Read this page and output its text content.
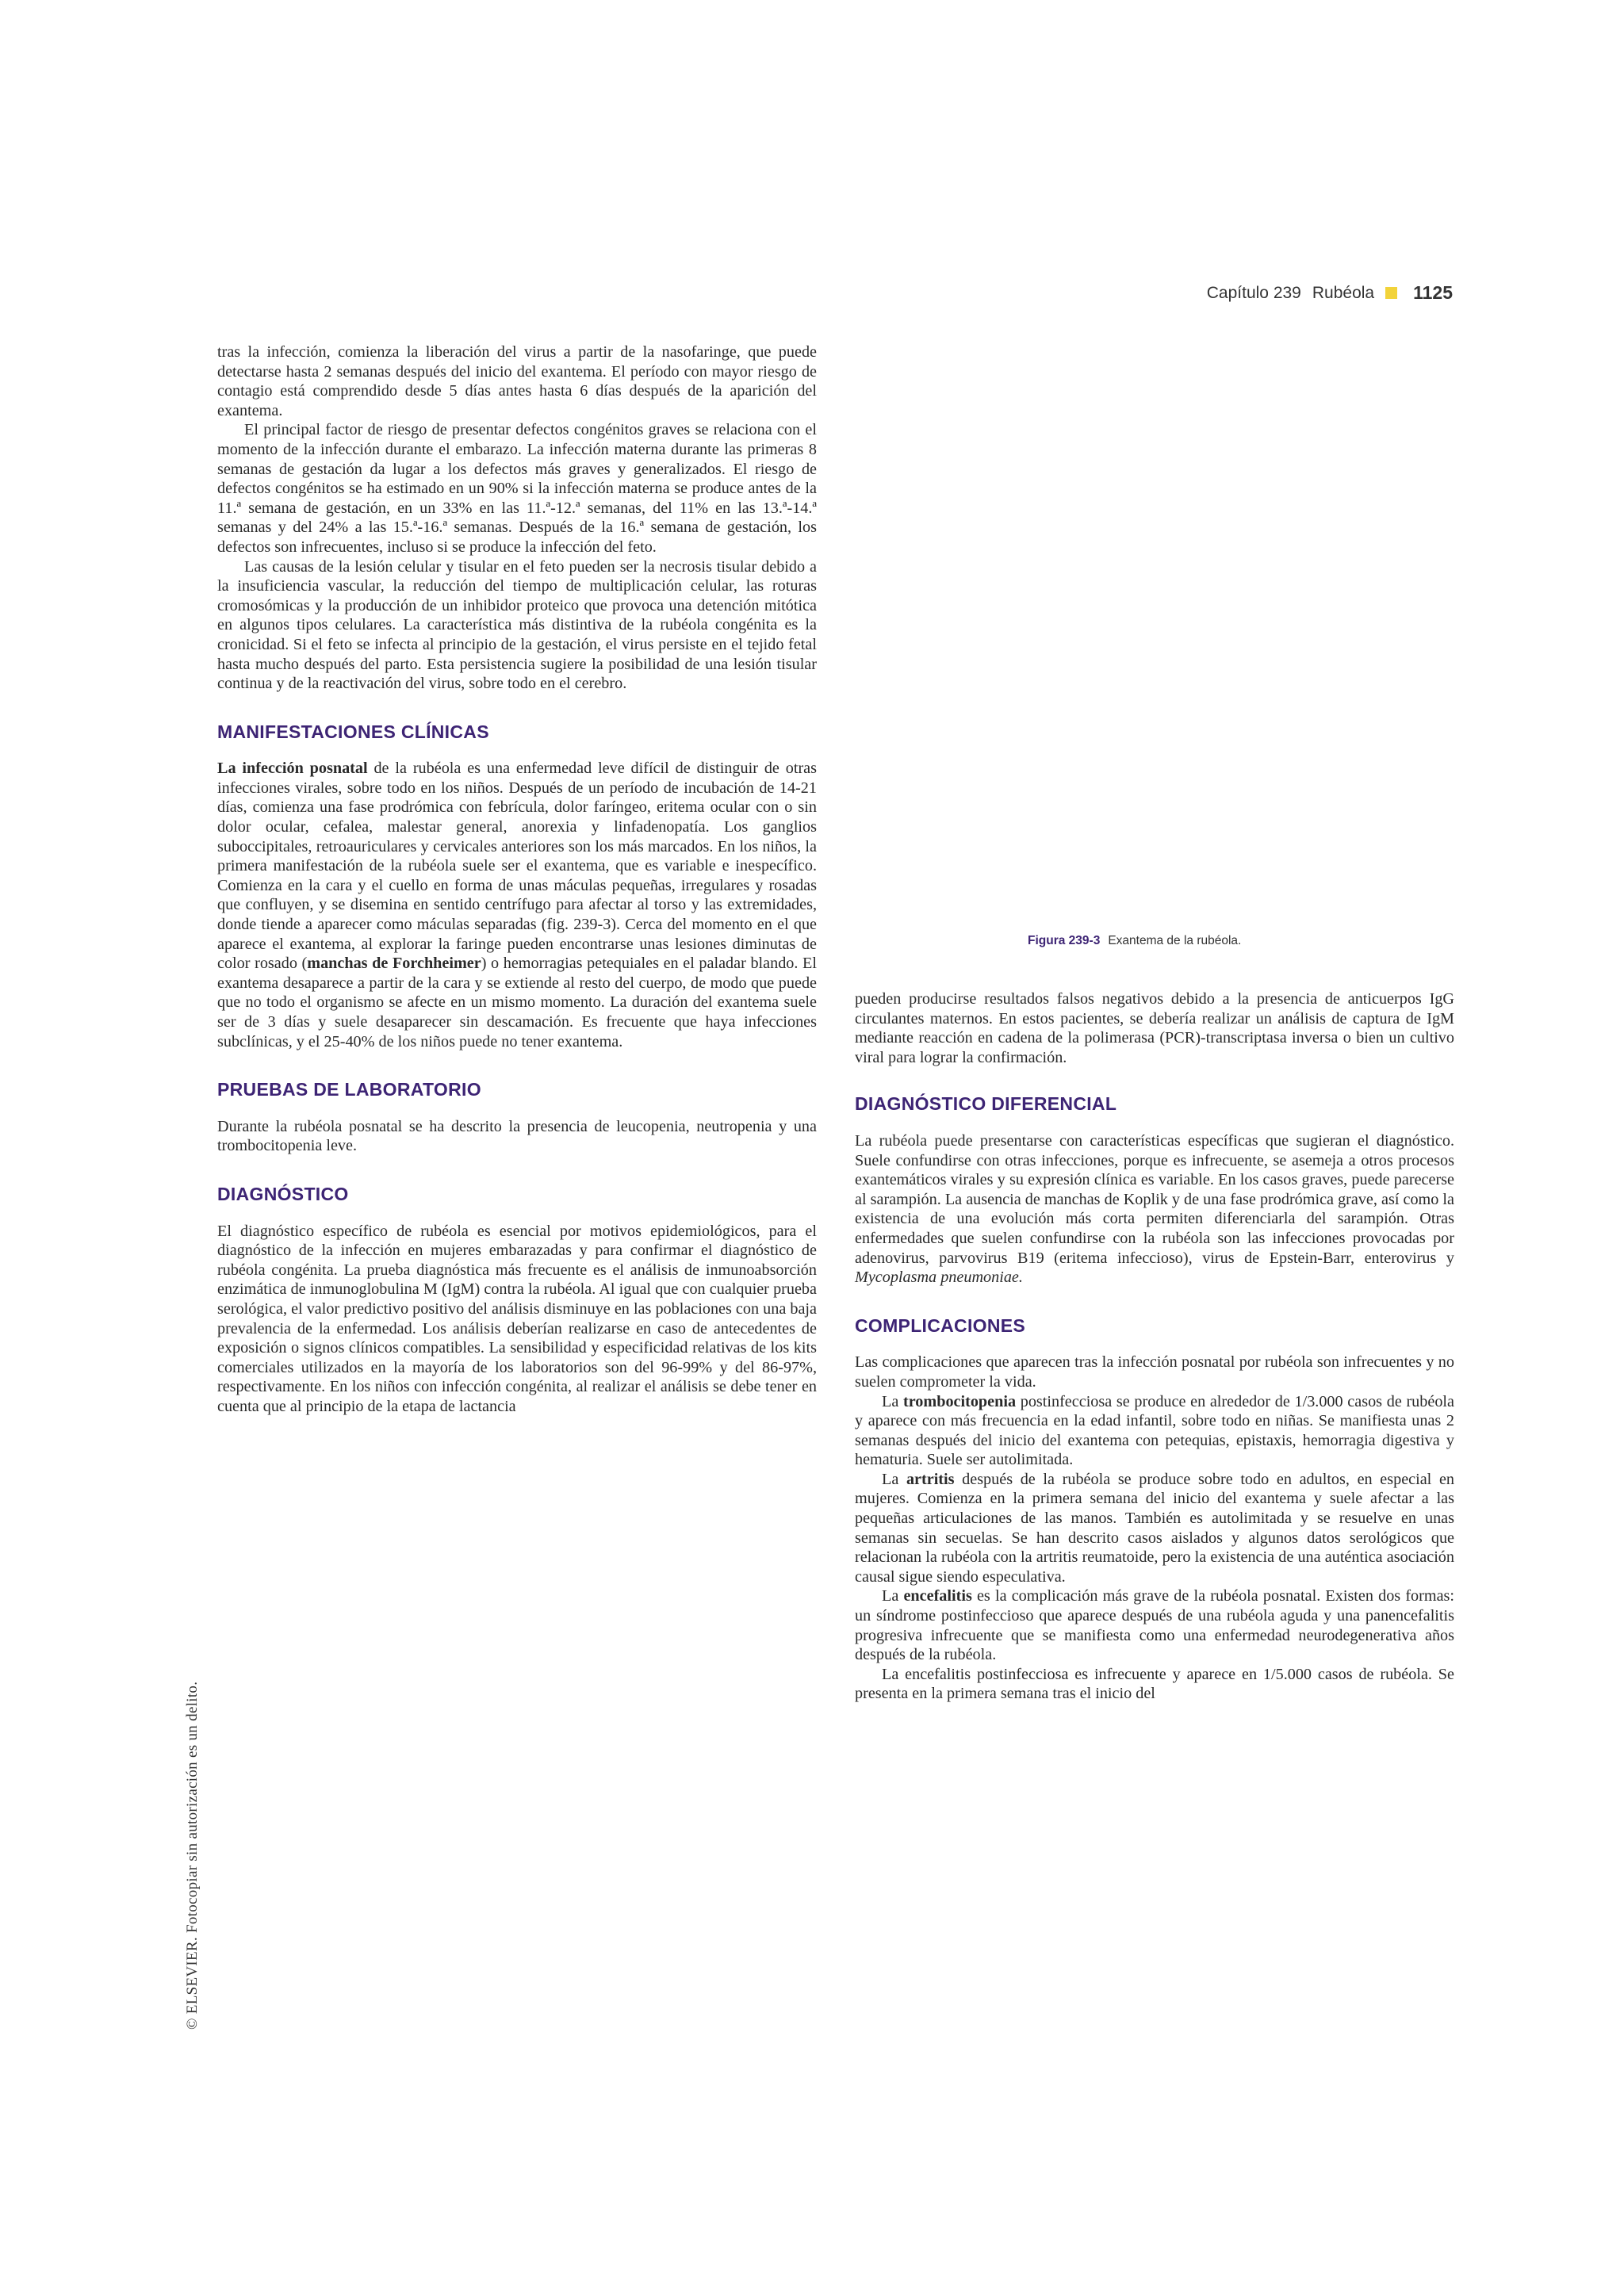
Capítulo 239 Rubéola 1125

tras la infección, comienza la liberación del virus a partir de la nasofaringe, que puede detectarse hasta 2 semanas después del inicio del exantema. El período con mayor riesgo de contagio está comprendido desde 5 días antes hasta 6 días después de la aparición del exantema.

El principal factor de riesgo de presentar defectos congénitos graves se relaciona con el momento de la infección durante el embarazo. La infección materna durante las primeras 8 semanas de gestación da lugar a los defectos más graves y generalizados. El riesgo de defectos congénitos se ha estimado en un 90% si la infección materna se produce antes de la 11.ª semana de gestación, en un 33% en las 11.ª-12.ª semanas, del 11% en las 13.ª-14.ª semanas y del 24% a las 15.ª-16.ª semanas. Después de la 16.ª semana de gestación, los defectos son infrecuentes, incluso si se produce la infección del feto.

Las causas de la lesión celular y tisular en el feto pueden ser la necrosis tisular debido a la insuficiencia vascular, la reducción del tiempo de multiplicación celular, las roturas cromosómicas y la producción de un inhibidor proteico que provoca una detención mitótica en algunos tipos celulares. La característica más distintiva de la rubéola congénita es la cronicidad. Si el feto se infecta al principio de la gestación, el virus persiste en el tejido fetal hasta mucho después del parto. Esta persistencia sugiere la posibilidad de una lesión tisular continua y de la reactivación del virus, sobre todo en el cerebro.

MANIFESTACIONES CLÍNICAS

La infección posnatal de la rubéola es una enfermedad leve difícil de distinguir de otras infecciones virales, sobre todo en los niños. Después de un período de incubación de 14-21 días, comienza una fase prodrómica con febrícula, dolor faríngeo, eritema ocular con o sin dolor ocular, cefalea, malestar general, anorexia y linfadenopatía. Los ganglios suboccipitales, retroauriculares y cervicales anteriores son los más marcados. En los niños, la primera manifestación de la rubéola suele ser el exantema, que es variable e inespecífico. Comienza en la cara y el cuello en forma de unas máculas pequeñas, irregulares y rosadas que confluyen, y se disemina en sentido centrífugo para afectar al torso y las extremidades, donde tiende a aparecer como máculas separadas (fig. 239-3). Cerca del momento en el que aparece el exantema, al explorar la faringe pueden encontrarse unas lesiones diminutas de color rosado (manchas de Forchheimer) o hemorragias petequiales en el paladar blando. El exantema desaparece a partir de la cara y se extiende al resto del cuerpo, de modo que puede que no todo el organismo se afecte en un mismo momento. La duración del exantema suele ser de 3 días y suele desaparecer sin descamación. Es frecuente que haya infecciones subclínicas, y el 25-40% de los niños puede no tener exantema.

PRUEBAS DE LABORATORIO

Durante la rubéola posnatal se ha descrito la presencia de leucopenia, neutropenia y una trombocitopenia leve.

DIAGNÓSTICO

El diagnóstico específico de rubéola es esencial por motivos epidemiológicos, para el diagnóstico de la infección en mujeres embarazadas y para confirmar el diagnóstico de rubéola congénita. La prueba diagnóstica más frecuente es el análisis de inmunoabsorción enzimática de inmunoglobulina M (IgM) contra la rubéola. Al igual que con cualquier prueba serológica, el valor predictivo positivo del análisis disminuye en las poblaciones con una baja prevalencia de la enfermedad. Los análisis deberían realizarse en caso de antecedentes de exposición o signos clínicos compatibles. La sensibilidad y especificidad relativas de los kits comerciales utilizados en la mayoría de los laboratorios son del 96-99% y del 86-97%, respectivamente. En los niños con infección congénita, al realizar el análisis se debe tener en cuenta que al principio de la etapa de lactancia

Figura 239-3 Exantema de la rubéola.

pueden producirse resultados falsos negativos debido a la presencia de anticuerpos IgG circulantes maternos. En estos pacientes, se debería realizar un análisis de captura de IgM mediante reacción en cadena de la polimerasa (PCR)-transcriptasa inversa o bien un cultivo viral para lograr la confirmación.

DIAGNÓSTICO DIFERENCIAL

La rubéola puede presentarse con características específicas que sugieran el diagnóstico. Suele confundirse con otras infecciones, porque es infrecuente, se asemeja a otros procesos exantemáticos virales y su expresión clínica es variable. En los casos graves, puede parecerse al sarampión. La ausencia de manchas de Koplik y de una fase prodrómica grave, así como la existencia de una evolución más corta permiten diferenciarla del sarampión. Otras enfermedades que suelen confundirse con la rubéola son las infecciones provocadas por adenovirus, parvovirus B19 (eritema infeccioso), virus de Epstein-Barr, enterovirus y Mycoplasma pneumoniae.

COMPLICACIONES

Las complicaciones que aparecen tras la infección posnatal por rubéola son infrecuentes y no suelen comprometer la vida.

La trombocitopenia postinfecciosa se produce en alrededor de 1/3.000 casos de rubéola y aparece con más frecuencia en la edad infantil, sobre todo en niñas. Se manifiesta unas 2 semanas después del inicio del exantema con petequias, epistaxis, hemorragia digestiva y hematuria. Suele ser autolimitada.

La artritis después de la rubéola se produce sobre todo en adultos, en especial en mujeres. Comienza en la primera semana del inicio del exantema y suele afectar a las pequeñas articulaciones de las manos. También es autolimitada y se resuelve en unas semanas sin secuelas. Se han descrito casos aislados y algunos datos serológicos que relacionan la rubéola con la artritis reumatoide, pero la existencia de una auténtica asociación causal sigue siendo especulativa.

La encefalitis es la complicación más grave de la rubéola posnatal. Existen dos formas: un síndrome postinfeccioso que aparece después de una rubéola aguda y una panencefalitis progresiva infrecuente que se manifiesta como una enfermedad neurodegenerativa años después de la rubéola.

La encefalitis postinfecciosa es infrecuente y aparece en 1/5.000 casos de rubéola. Se presenta en la primera semana tras el inicio del

© ELSEVIER. Fotocopiar sin autorización es un delito.
